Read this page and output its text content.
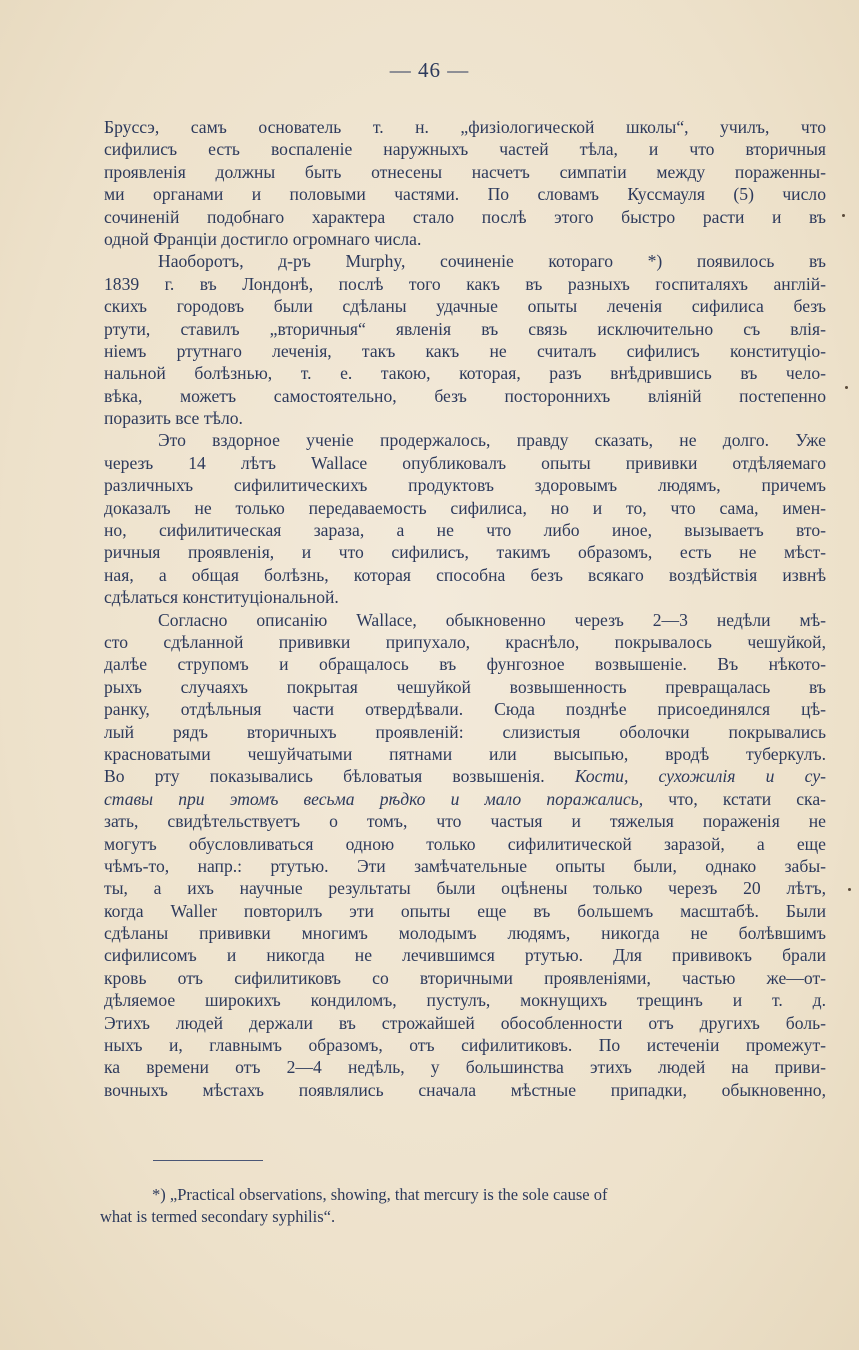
— 46 —
Бруссэ, самъ основатель т. н. „физіологической школы“, училъ, что
сифилисъ есть воспаленіе наружныхъ частей тѣла, и что вторичныя
проявленія должны быть отнесены насчетъ симпатіи между пораженны-
ми органами и половыми частями. По словамъ Куссмауля (5) число
сочиненій подобнаго характера стало послѣ этого быстро расти и въ
одной Франціи достигло огромнаго числа.
Наоборотъ, д-ръ Murphy, сочиненіе котораго *) появилось въ
1839 г. въ Лондонѣ, послѣ того какъ въ разныхъ госпиталяхъ англій-
скихъ городовъ были сдѣланы удачные опыты леченія сифилиса безъ
ртути, ставилъ „вторичныя“ явленія въ связь исключительно съ влія-
ніемъ ртутнаго леченія, такъ какъ не считалъ сифилисъ конституціо-
нальной болѣзнью, т. е. такою, которая, разъ внѣдрившись въ чело-
вѣка, можетъ самостоятельно, безъ постороннихъ вліяній постепенно
поразить все тѣло.
Это вздорное ученіе продержалось, правду сказать, не долго. Уже
черезъ 14 лѣтъ Wallace опубликовалъ опыты прививки отдѣляемаго
различныхъ сифилитическихъ продуктовъ здоровымъ людямъ, причемъ
доказалъ не только передаваемость сифилиса, но и то, что сама, имен-
но, сифилитическая зараза, а не что либо иное, вызываетъ вто-
ричныя проявленія, и что сифилисъ, такимъ образомъ, есть не мѣст-
ная, а общая болѣзнь, которая способна безъ всякаго воздѣйствія извнѣ
сдѣлаться конституціональной.
Согласно описанію Wallace, обыкновенно черезъ 2—3 недѣли мѣ-
сто сдѣланной прививки припухало, краснѣло, покрывалось чешуйкой,
далѣе струпомъ и обращалось въ фунгозное возвышеніе. Въ нѣкото-
рыхъ случаяхъ покрытая чешуйкой возвышенность превращалась въ
ранку, отдѣльныя части отвердѣвали. Сюда позднѣе присоединялся цѣ-
лый рядъ вторичныхъ проявленій: слизистыя оболочки покрывались
красноватыми чешуйчатыми пятнами или высыпью, вродѣ туберкулъ.
Во рту показывались бѣловатыя возвышенія. Кости, сухожилія и су-
ставы при этомъ весьма рѣдко и мало поражались, что, кстати ска-
зать, свидѣтельствуетъ о томъ, что частыя и тяжелыя пораженія не
могутъ обусловливаться одною только сифилитической заразой, а еще
чѣмъ-то, напр.: ртутью. Эти замѣчательные опыты были, однако забы-
ты, а ихъ научные результаты были оцѣнены только черезъ 20 лѣтъ,
когда Waller повторилъ эти опыты еще въ большемъ масштабѣ. Были
сдѣланы прививки многимъ молодымъ людямъ, никогда не болѣвшимъ
сифилисомъ и никогда не лечившимся ртутью. Для прививокъ брали
кровь отъ сифилитиковъ со вторичными проявленіями, частью же—от-
дѣляемое широкихъ кондиломъ, пустулъ, мокнущихъ трещинъ и т. д.
Этихъ людей держали въ строжайшей обособленности отъ другихъ боль-
ныхъ и, главнымъ образомъ, отъ сифилитиковъ. По истеченіи промежут-
ка времени отъ 2—4 недѣль, у большинства этихъ людей на приви-
вочныхъ мѣстахъ появлялись сначала мѣстные припадки, обыкновенно,
*) „Practical observations, showing, that mercury is the sole cause of
what is termed secondary syphilis“.
